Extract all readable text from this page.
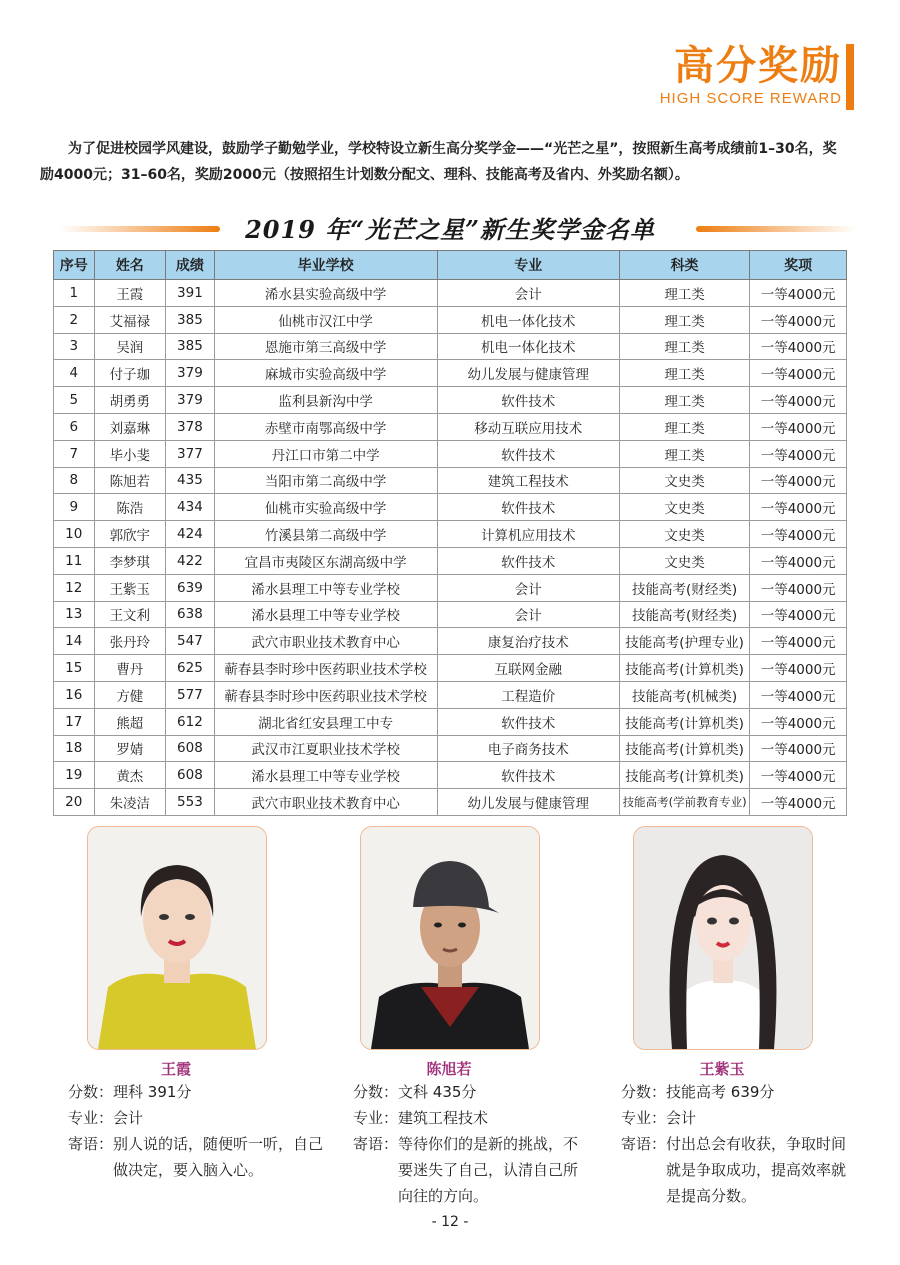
高分奖励
HIGH SCORE REWARD
为了促进校园学风建设，鼓励学子勤勉学业，学校特设立新生高分奖学金——“光芒之星”，按照新生高考成绩前1–30名，奖励4000元；31–60名，奖励2000元（按照招生计划数分配文、理科、技能高考及省内、外奖励名额）。
2019 年“光芒之星”新生奖学金名单
序号	姓名	成绩	毕业学校	专业	科类	奖项
1	王霞	391	浠水县实验高级中学	会计	理工类	一等4000元
2	艾福禄	385	仙桃市汉江中学	机电一体化技术	理工类	一等4000元
3	吴润	385	恩施市第三高级中学	机电一体化技术	理工类	一等4000元
4	付子珈	379	麻城市实验高级中学	幼儿发展与健康管理	理工类	一等4000元
5	胡勇勇	379	监利县新沟中学	软件技术	理工类	一等4000元
6	刘嘉琳	378	赤壁市南鄂高级中学	移动互联应用技术	理工类	一等4000元
7	毕小斐	377	丹江口市第二中学	软件技术	理工类	一等4000元
8	陈旭若	435	当阳市第二高级中学	建筑工程技术	文史类	一等4000元
9	陈浩	434	仙桃市实验高级中学	软件技术	文史类	一等4000元
10	郭欣宇	424	竹溪县第二高级中学	计算机应用技术	文史类	一等4000元
11	李梦琪	422	宜昌市夷陵区东湖高级中学	软件技术	文史类	一等4000元
12	王紫玉	639	浠水县理工中等专业学校	会计	技能高考(财经类)	一等4000元
13	王文利	638	浠水县理工中等专业学校	会计	技能高考(财经类)	一等4000元
14	张丹玲	547	武穴市职业技术教育中心	康复治疗技术	技能高考(护理专业)	一等4000元
15	曹丹	625	蕲春县李时珍中医药职业技术学校	互联网金融	技能高考(计算机类)	一等4000元
16	方健	577	蕲春县李时珍中医药职业技术学校	工程造价	技能高考(机械类)	一等4000元
17	熊超	612	湖北省红安县理工中专	软件技术	技能高考(计算机类)	一等4000元
18	罗婧	608	武汉市江夏职业技术学校	电子商务技术	技能高考(计算机类)	一等4000元
19	黄杰	608	浠水县理工中等专业学校	软件技术	技能高考(计算机类)	一等4000元
20	朱凌洁	553	武穴市职业技术教育中心	幼儿发展与健康管理	技能高考(学前教育专业)	一等4000元
王霞	陈旭若	王紫玉
分数： 理科 391分
专业： 会计
寄语： 别人说的话，随便听一听，自己做决定，要入脑入心。
分数： 文科 435分
专业： 建筑工程技术
寄语： 等待你们的是新的挑战，不要迷失了自己，认清自己所向往的方向。
分数： 技能高考 639分
专业： 会计
寄语： 付出总会有收获，争取时间就是争取成功，提高效率就是提高分数。
- 12 -
